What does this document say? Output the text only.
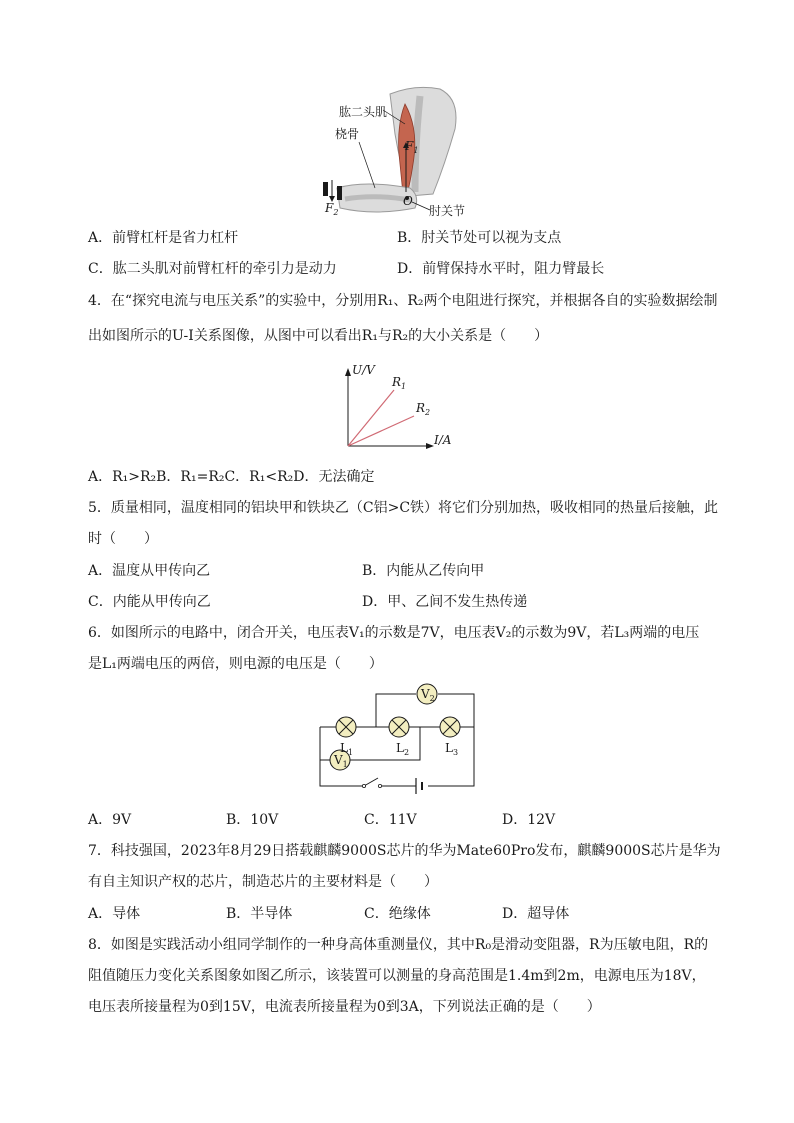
肱二头肌
桡骨
$F_1$
$F_2$
O
肘关节
A．前臂杠杆是省力杠杆	B．肘关节处可以视为支点
C．肱二头肌对前臂杠杆的牵引力是动力	D．前臂保持水平时，阻力臂最长
4．在“探究电流与电压关系”的实验中，分别用R₁、R₂两个电阻进行探究，并根据各自的实验数据绘制
出如图所示的U-I关系图像，从图中可以看出R₁与R₂的大小关系是（　　）
U/V
I/A
$R_1$
$R_2$
A．R₁>R₂B．R₁=R₂C．R₁<R₂D．无法确定
5．质量相同，温度相同的铝块甲和铁块乙（C铝>C铁）将它们分别加热，吸收相同的热量后接触，此
时（　　）
A．温度从甲传向乙	B．内能从乙传向甲
C．内能从甲传向乙	D．甲、乙间不发生热传递
6．如图所示的电路中，闭合开关，电压表V₁的示数是7V，电压表V₂的示数为9V，若L₃两端的电压
是L₁两端电压的两倍，则电源的电压是（　　）
$V_2$
$V_1$
$L_1$	$L_2$	$L_3$
A．9V	B．10V	C．11V	D．12V
7．科技强国，2023年8月29日搭载麒麟9000S芯片的华为Mate60Pro发布，麒麟9000S芯片是华为
有自主知识产权的芯片，制造芯片的主要材料是（　　）
A．导体	B．半导体	C．绝缘体	D．超导体
8．如图是实践活动小组同学制作的一种身高体重测量仪，其中R₀是滑动变阻器，R为压敏电阻，R的
阻值随压力变化关系图象如图乙所示，该装置可以测量的身高范围是1.4m到2m，电源电压为18V，
电压表所接量程为0到15V，电流表所接量程为0到3A，下列说法正确的是（　　）
